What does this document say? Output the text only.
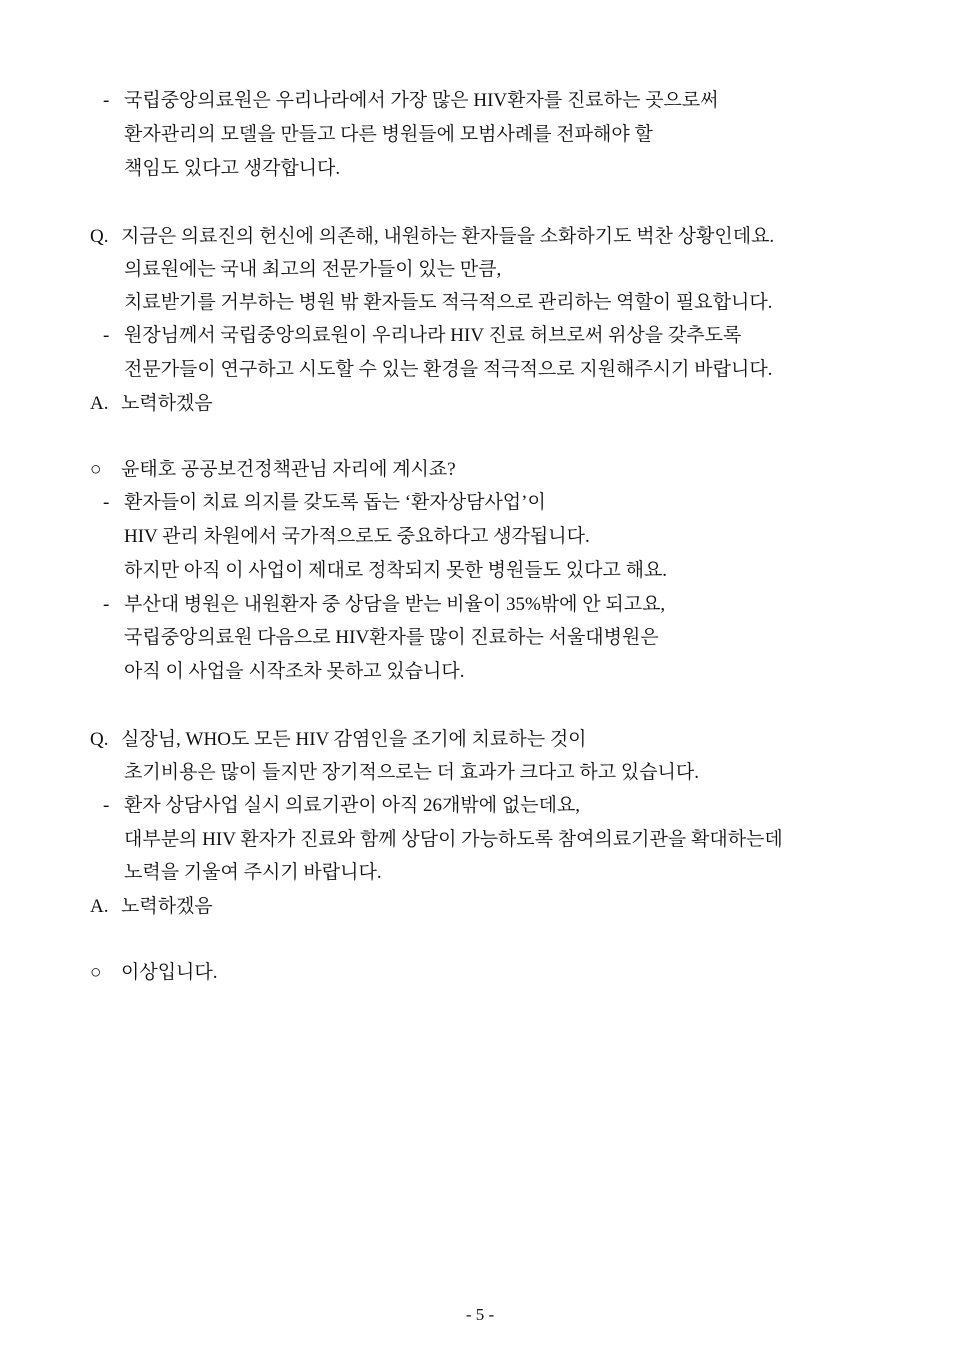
- 국립중앙의료원은 우리나라에서 가장 많은 HIV환자를 진료하는 곳으로써
환자관리의 모델을 만들고 다른 병원들에 모범사례를 전파해야 할
책임도 있다고 생각합니다.
Q. 지금은 의료진의 헌신에 의존해, 내원하는 환자들을 소화하기도 벅찬 상황인데요.
의료원에는 국내 최고의 전문가들이 있는 만큼,
치료받기를 거부하는 병원 밖 환자들도 적극적으로 관리하는 역할이 필요합니다.
- 원장님께서 국립중앙의료원이 우리나라 HIV 진료 허브로써 위상을 갖추도록
전문가들이 연구하고 시도할 수 있는 환경을 적극적으로 지원해주시기 바랍니다.
A. 노력하겠음
○ 윤태호 공공보건정책관님 자리에 계시죠?
- 환자들이 치료 의지를 갖도록 돕는 ‘환자상담사업’이
HIV 관리 차원에서 국가적으로도 중요하다고 생각됩니다.
하지만 아직 이 사업이 제대로 정착되지 못한 병원들도 있다고 해요.
- 부산대 병원은 내원환자 중 상담을 받는 비율이 35%밖에 안 되고요,
국립중앙의료원 다음으로 HIV환자를 많이 진료하는 서울대병원은
아직 이 사업을 시작조차 못하고 있습니다.
Q. 실장님, WHO도 모든 HIV 감염인을 조기에 치료하는 것이
초기비용은 많이 들지만 장기적으로는 더 효과가 크다고 하고 있습니다.
- 환자 상담사업 실시 의료기관이 아직 26개밖에 없는데요,
대부분의 HIV 환자가 진료와 함께 상담이 가능하도록 참여의료기관을 확대하는데
노력을 기울여 주시기 바랍니다.
A. 노력하겠음
○ 이상입니다.
- 5 -
